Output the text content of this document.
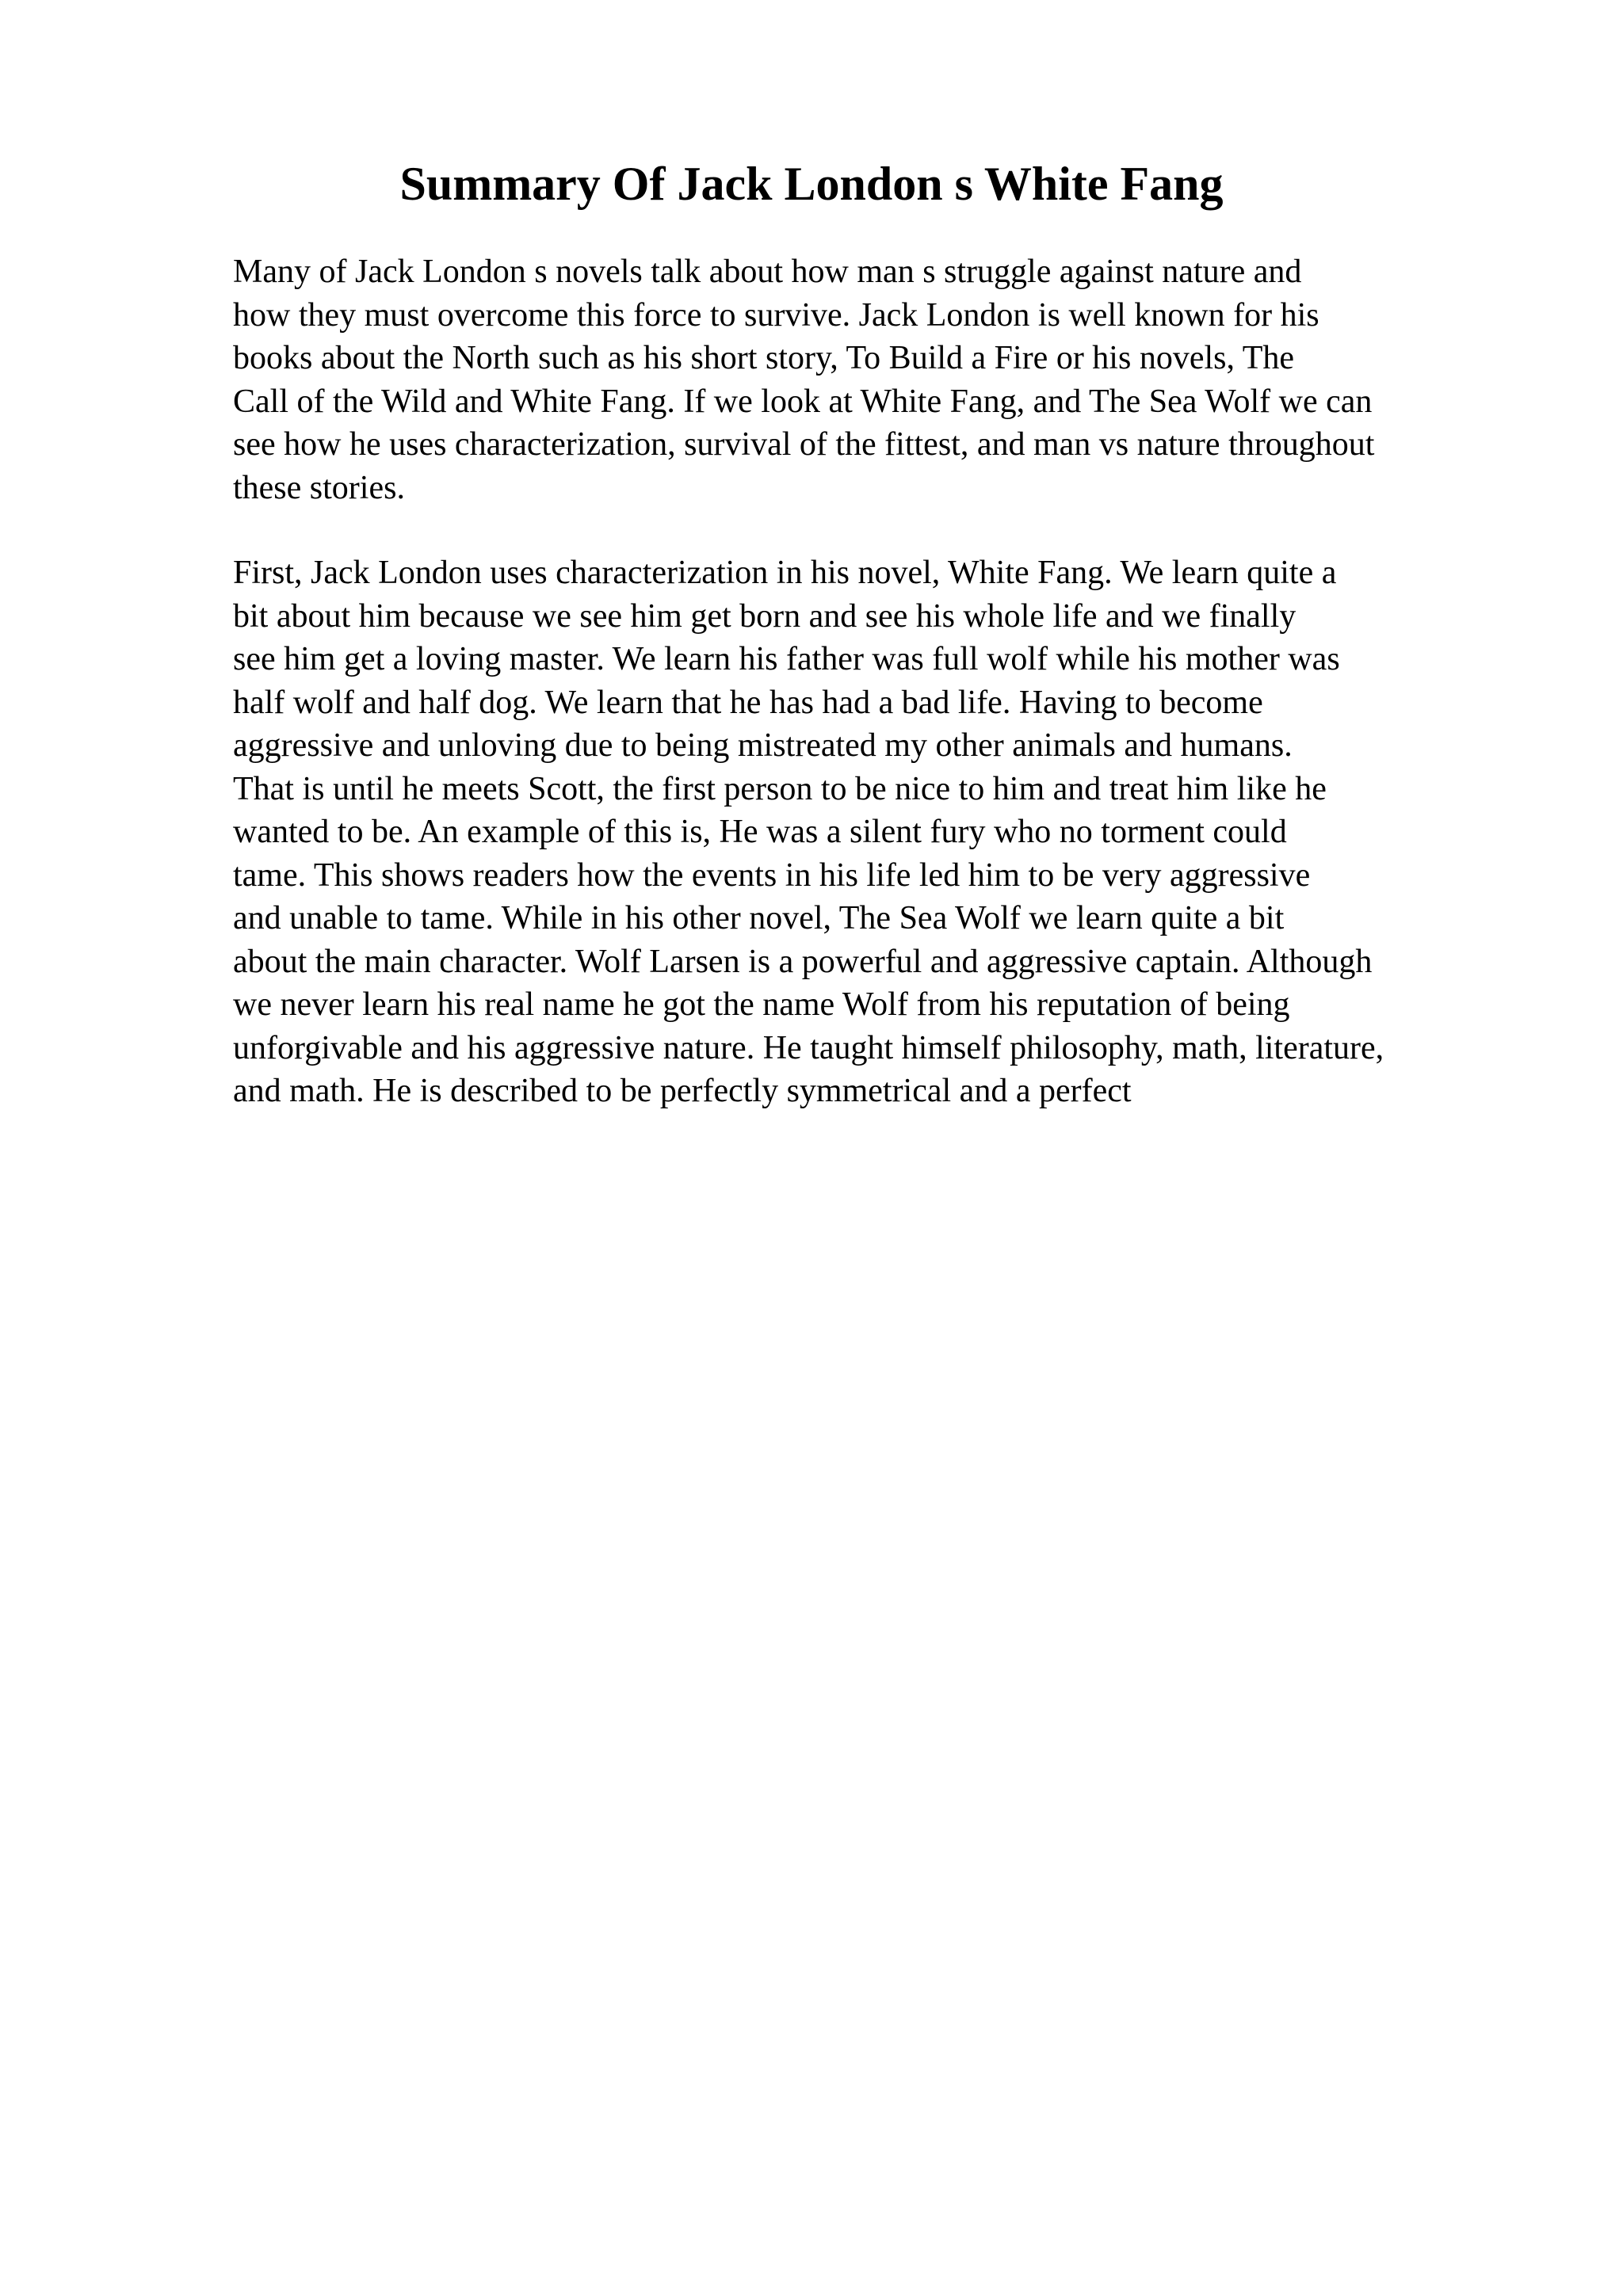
Summary Of Jack London s White Fang
Many of Jack London s novels talk about how man s struggle against nature and
how they must overcome this force to survive. Jack London is well known for his
books about the North such as his short story, To Build a Fire or his novels, The
Call of the Wild and White Fang. If we look at White Fang, and The Sea Wolf we can
see how he uses characterization, survival of the fittest, and man vs nature throughout
these stories.
First, Jack London uses characterization in his novel, White Fang. We learn quite a
bit about him because we see him get born and see his whole life and we finally
see him get a loving master. We learn his father was full wolf while his mother was
half wolf and half dog. We learn that he has had a bad life. Having to become
aggressive and unloving due to being mistreated my other animals and humans.
That is until he meets Scott, the first person to be nice to him and treat him like he
wanted to be. An example of this is, He was a silent fury who no torment could
tame. This shows readers how the events in his life led him to be very aggressive
and unable to tame. While in his other novel, The Sea Wolf we learn quite a bit
about the main character. Wolf Larsen is a powerful and aggressive captain. Although
we never learn his real name he got the name Wolf from his reputation of being
unforgivable and his aggressive nature. He taught himself philosophy, math, literature,
and math. He is described to be perfectly symmetrical and a perfect
